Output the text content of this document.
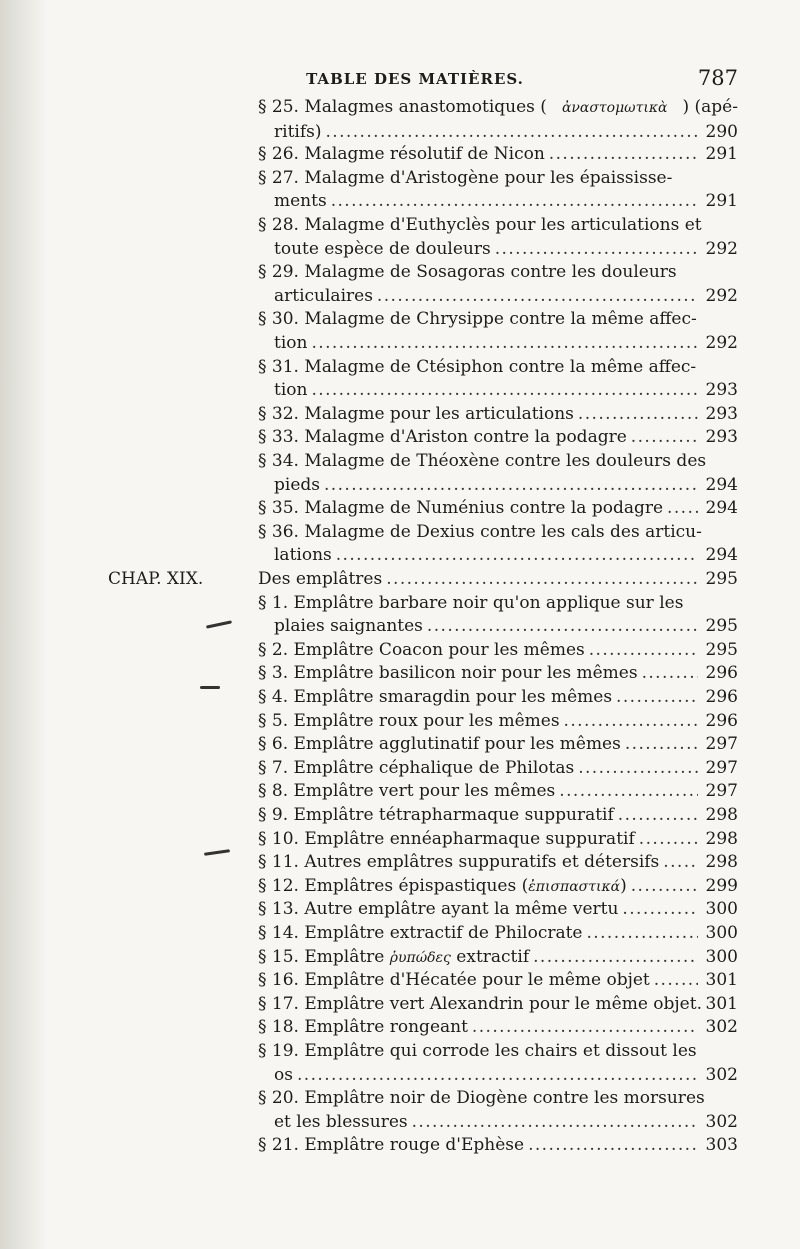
TABLE DES MATIÈRES.	787
§ 25. Malagmes anastomotiques ( ἀναστομωτικὰ ) (apé-
ritifs) . . .	290
§ 26. Malagme résolutif de Nicon . . .	291
§ 27. Malagme d'Aristogène pour les épaississe-
ments . . .	291
§ 28. Malagme d'Euthyclès pour les articulations et
toute espèce de douleurs . . .	292
§ 29. Malagme de Sosagoras contre les douleurs
articulaires . . .	292
§ 30. Malagme de Chrysippe contre la même affec-
tion . . .	292
§ 31. Malagme de Ctésiphon contre la même affec-
tion . . .	293
§ 32. Malagme pour les articulations . . .	293
§ 33. Malagme d'Ariston contre la podagre . . .	293
§ 34. Malagme de Théoxène contre les douleurs des
pieds . . .	294
§ 35. Malagme de Numénius contre la podagre . . .	294
§ 36. Malagme de Dexius contre les cals des articu-
lations . . .	294
CHAP. XIX.	Des emplâtres . . .	295
§ 1. Emplâtre barbare noir qu'on applique sur les
plaies saignantes . . .	295
§ 2. Emplâtre Coacon pour les mêmes . . .	295
§ 3. Emplâtre basilicon noir pour les mêmes . . .	296
§ 4. Emplâtre smaragdin pour les mêmes . . .	296
§ 5. Emplâtre roux pour les mêmes . . .	296
§ 6. Emplâtre agglutinatif pour les mêmes . . .	297
§ 7. Emplâtre céphalique de Philotas . . .	297
§ 8. Emplâtre vert pour les mêmes . . .	297
§ 9. Emplâtre tétrapharmaque suppuratif . . .	298
§ 10. Emplâtre ennéapharmaque suppuratif . . .	298
§ 11. Autres emplâtres suppuratifs et détersifs . . .	298
§ 12. Emplâtres épispastiques ( ἐπισπαστικά ) . . .	299
§ 13. Autre emplâtre ayant la même vertu . . .	300
§ 14. Emplâtre extractif de Philocrate . . .	300
§ 15. Emplâtre ῥυπώδες extractif . . .	300
§ 16. Emplâtre d'Hécatée pour le même objet . . .	301
§ 17. Emplâtre vert Alexandrin pour le même objet. 301
§ 18. Emplâtre rongeant . . .	302
§ 19. Emplâtre qui corrode les chairs et dissout les
os . . .	302
§ 20. Emplâtre noir de Diogène contre les morsures
et les blessures . . .	302
§ 21. Emplâtre rouge d'Ephèse . . .	303
